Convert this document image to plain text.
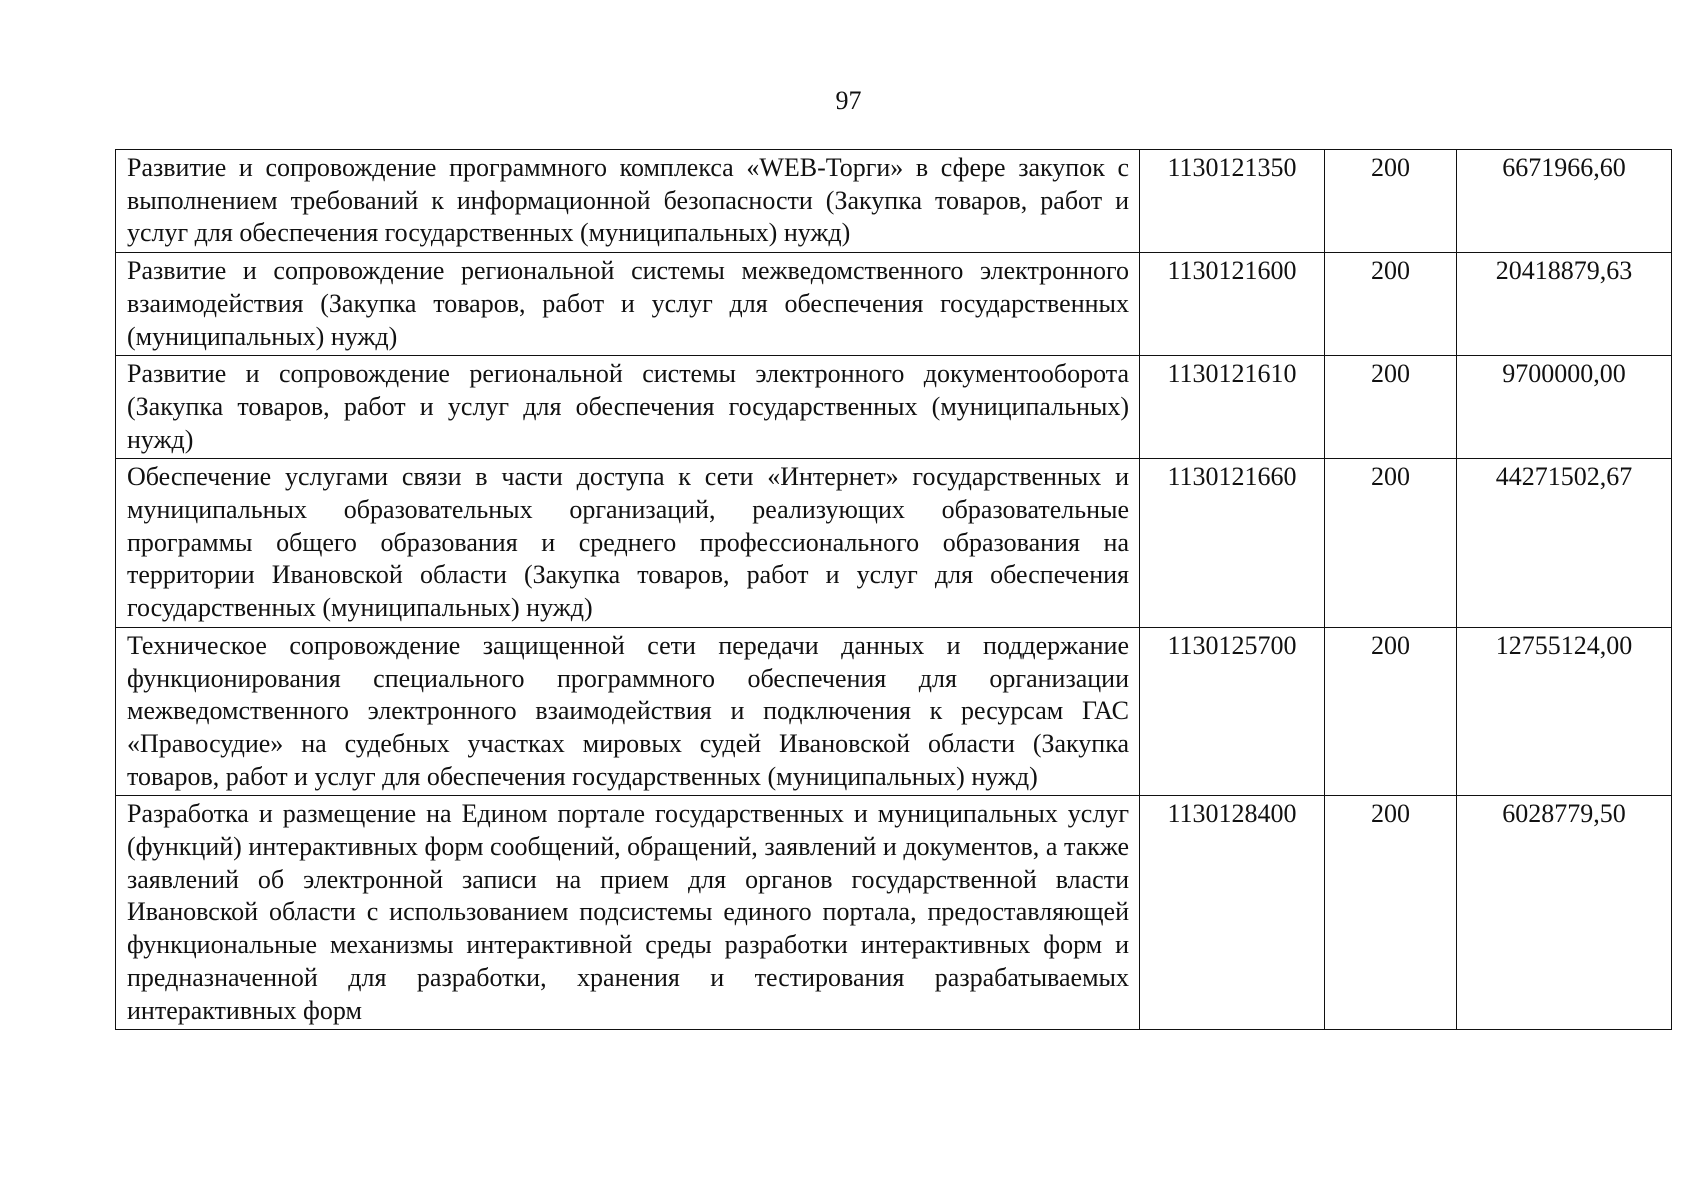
97
Развитие и сопровождение программного комплекса «WEB-Торги» в сфере закупок с выполнением требований к информационной безопасности (Закупка товаров, работ и услуг для обеспечения государственных (муниципальных) нужд)	1130121350	200	6671966,60
Развитие и сопровождение региональной системы межведомственного электронного взаимодействия (Закупка товаров, работ и услуг для обеспечения государственных (муниципальных) нужд)	1130121600	200	20418879,63
Развитие и сопровождение региональной системы электронного документооборота (Закупка товаров, работ и услуг для обеспечения государственных (муниципальных) нужд)	1130121610	200	9700000,00
Обеспечение услугами связи в части доступа к сети «Интернет» государственных и муниципальных образовательных организаций, реализующих образовательные программы общего образования и среднего профессионального образования на территории Ивановской области (Закупка товаров, работ и услуг для обеспечения государственных (муниципальных) нужд)	1130121660	200	44271502,67
Техническое сопровождение защищенной сети передачи данных и поддержание функционирования специального программного обеспечения для организации межведомственного электронного взаимодействия и подключения к ресурсам ГАС «Правосудие» на судебных участках мировых судей Ивановской области (Закупка товаров, работ и услуг для обеспечения государственных (муниципальных) нужд)	1130125700	200	12755124,00
Разработка и размещение на Едином портале государственных и муниципальных услуг (функций) интерактивных форм сообщений, обращений, заявлений и документов, а также заявлений об электронной записи на прием для органов государственной власти Ивановской области с использованием подсистемы единого портала, предоставляющей функциональные механизмы интерактивной среды разработки интерактивных форм и предназначенной для разработки, хранения и тестирования разрабатываемых интерактивных форм	1130128400	200	6028779,50
